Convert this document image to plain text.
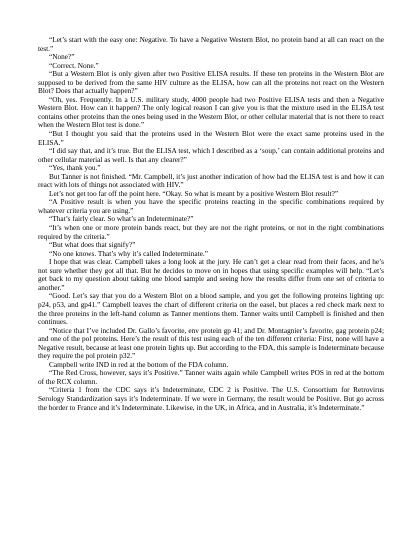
“Let’s start with the easy one: Negative. To have a Negative Western Blot, no protein band at all can react on the test.”

“None?”

“Correct. None.”

“But a Western Blot is only given after two Positive ELISA results. If these ten proteins in the Western Blot are supposed to be derived from the same HIV culture as the ELISA, how can all the proteins not react on the Western Blot? Does that actually happen?”

“Oh, yes. Frequently. In a U.S. military study, 4000 people had two Positive ELISA tests and then a Negative Western Blot. How can it happen? The only logical reason I can give you is that the mixture used in the ELISA test contains other proteins than the ones being used in the Western Blot, or other cellular material that is not there to react when the Western Blot test is done.”

“But I thought you said that the proteins used in the Western Blot were the exact same proteins used in the ELISA.”

“I did say that, and it’s true. But the ELISA test, which I described as a ‘soup,’ can contain additional proteins and other cellular material as well. Is that any clearer?”

“Yes, thank you.”

But Tanner is not finished. “Mr. Campbell, it’s just another indication of how bad the ELISA test is and how it can react with lots of things not associated with HIV.”

Let’s not get too far off the point here. “Okay. So what is meant by a positive Western Blot result?”

“A Positive result is when you have the specific proteins reacting in the specific combinations required by whatever criteria you are using.”

“That’s fairly clear. So what’s an Indeterminate?”

“It’s when one or more protein bands react, but they are not the right proteins, or not in the right combinations required by the criteria.”

“But what does that signify?”

“No one knows. That’s why it’s called Indeterminate.”

I hope that was clear. Campbell takes a long look at the jury. He can’t get a clear read from their faces, and he’s not sure whether they got all that. But he decides to move on in hopes that using specific examples will help. “Let’s get back to my question about taking one blood sample and seeing how the results differ from one set of criteria to another.”

“Good. Let’s say that you do a Western Blot on a blood sample, and you get the following proteins lighting up: p24, p53, and gp41.” Campbell leaves the chart of different criteria on the easel, but places a red check mark next to the three proteins in the left-hand column as Tanner mentions them. Tanner waits until Campbell is finished and then continues.

“Notice that I’ve included Dr. Gallo’s favorite, env protein gp 41; and Dr. Montagnier’s favorite, gag protein p24; and one of the pol proteins. Here’s the result of this test using each of the ten different criteria: First, none will have a Negative result, because at least one protein lights up. But according to the FDA, this sample is Indeterminate because they require the pol protein p32.”

Campbell write IND in red at the bottom of the FDA column.

“The Red Cross, however, says it’s Positive.” Tanner waits again while Campbell writes POS in red at the bottom of the RCX column.

“Criteria 1 from the CDC says it’s Indeterminate, CDC 2 is Positive. The U.S. Consortium for Retrovirus Serology Standardization says it’s Indeterminate. If we were in Germany, the result would be Positive. But go across the border to France and it’s Indeterminate. Likewise, in the UK, in Africa, and in Australia, it’s Indeterminate.”
